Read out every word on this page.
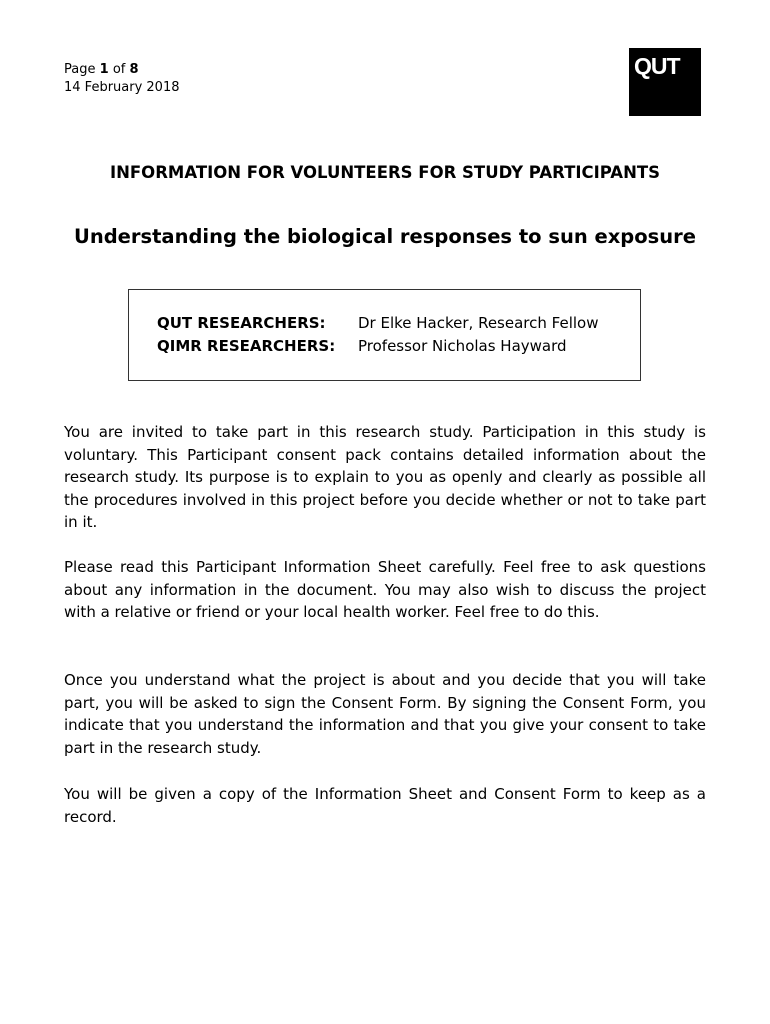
Page 1 of 8
14 February 2018
QUT
INFORMATION FOR VOLUNTEERS FOR STUDY PARTICIPANTS
Understanding the biological responses to sun exposure
QUT RESEARCHERS: Dr Elke Hacker, Research Fellow
QIMR RESEARCHERS: Professor Nicholas Hayward

You are invited to take part in this research study. Participation in this study is voluntary. This Participant consent pack contains detailed information about the research study. Its purpose is to explain to you as openly and clearly as possible all the procedures involved in this project before you decide whether or not to take part in it.

Please read this Participant Information Sheet carefully. Feel free to ask questions about any information in the document. You may also wish to discuss the project with a relative or friend or your local health worker. Feel free to do this.

Once you understand what the project is about and you decide that you will take part, you will be asked to sign the Consent Form. By signing the Consent Form, you indicate that you understand the information and that you give your consent to take part in the research study.

You will be given a copy of the Information Sheet and Consent Form to keep as a record.
